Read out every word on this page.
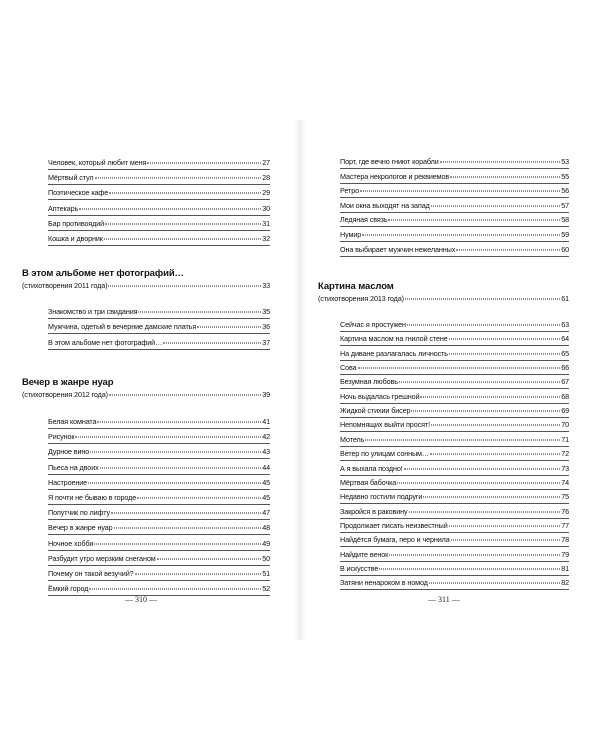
Человек, который любит меня	27
Мёртвый стул	28
Поэтическое кафе	29
Аптекарь	30
Бар противоядий	31
Кошка и дворник	32
В этом альбоме нет фотографий…
(стихотворения 2011 года)	33
Знакомство и три свидания	35
Мужчина, одетый в вечерние дамские платья	36
В этом альбоме нет фотографий…	37
Вечер в жанре нуар
(стихотворения 2012 года)	39
Белая комната	41
Рисунок	42
Дурное вино	43
Пьеса на двоих	44
Настроение	45
Я почти не бываю в городе	45
Попутчик по лифту	47
Вечер в жанре нуар	48
Ночное хобби	49
Разбудит утро мерзким снеганом	50
Почему он такой везучий?	51
Ёмкий город	52
— 310 —
Порт, где вечно гниют корабли	53
Мастера некрологов и реквиемов	55
Ретро	56
Мои окна выходят на запад	57
Ледяная связь	58
Нумир	59
Она выбирает мужчин нежеланных	60
Картина маслом
(стихотворения 2013 года)	61
Сейчас я простужен	63
Картина маслом на гнилой стене	64
На диване разлагалась личность	65
Сова	66
Безумная любовь	67
Ночь выдалась грешной	68
Жидкой стихии бисер	69
Непомнящих выйти просят!	70
Мотель	71
Ветер по улицам сонным…	72
А я выхала поздно!	73
Мёртвая бабочка	74
Недавно гостили подруги	75
Закройся в раковину	76
Продолжает писать неизвестный	77
Найдётся бумага, перо и чернила	78
Найдите венок	79
В искусстве	81
Затяни ненароком в номод	82
— 311 —
